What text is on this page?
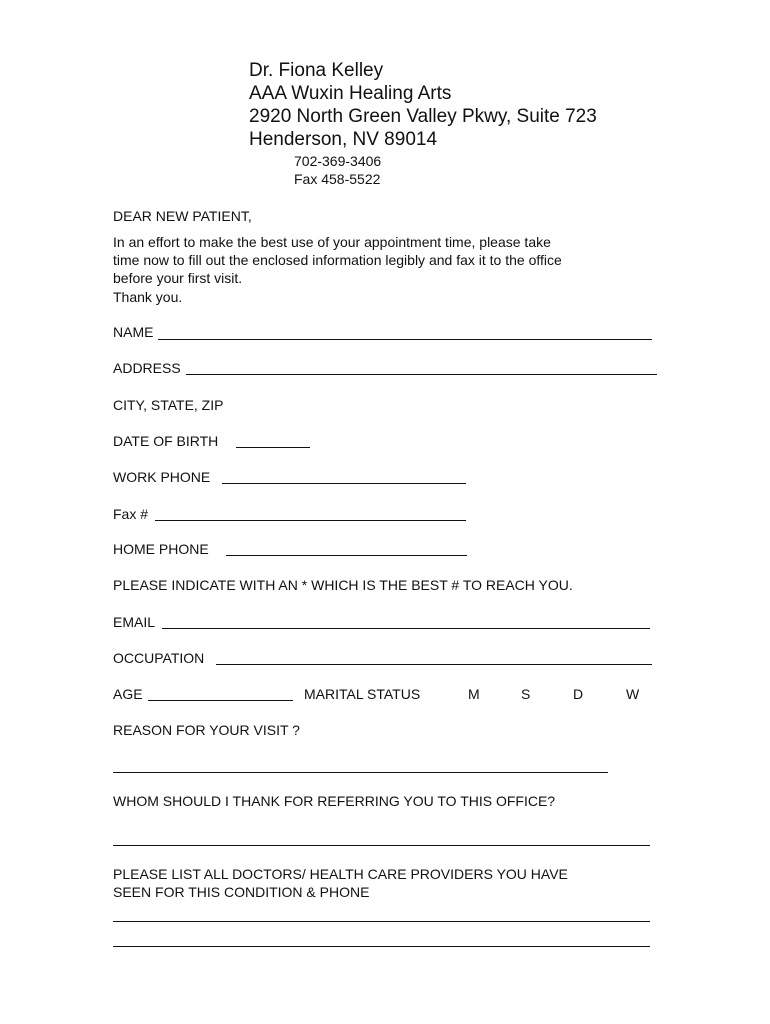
Dr. Fiona Kelley
AAA Wuxin Healing Arts
2920 North Green Valley Pkwy, Suite 723
Henderson, NV 89014
702-369-3406
Fax 458-5522
DEAR NEW PATIENT,
In an effort to make the best use of your appointment time, please take
time now to fill out the enclosed information legibly and fax it to the office
before your first visit.
Thank you.
NAME
ADDRESS
CITY, STATE, ZIP
DATE OF BIRTH
WORK PHONE
Fax #
HOME PHONE
PLEASE INDICATE WITH AN * WHICH IS THE BEST # TO REACH YOU.
EMAIL
OCCUPATION
AGE	MARITAL STATUS	M	S	D	W
REASON FOR YOUR VISIT ?
WHOM SHOULD I THANK FOR REFERRING YOU TO THIS OFFICE?
PLEASE LIST ALL DOCTORS/ HEALTH CARE PROVIDERS YOU HAVE
SEEN FOR THIS CONDITION & PHONE
